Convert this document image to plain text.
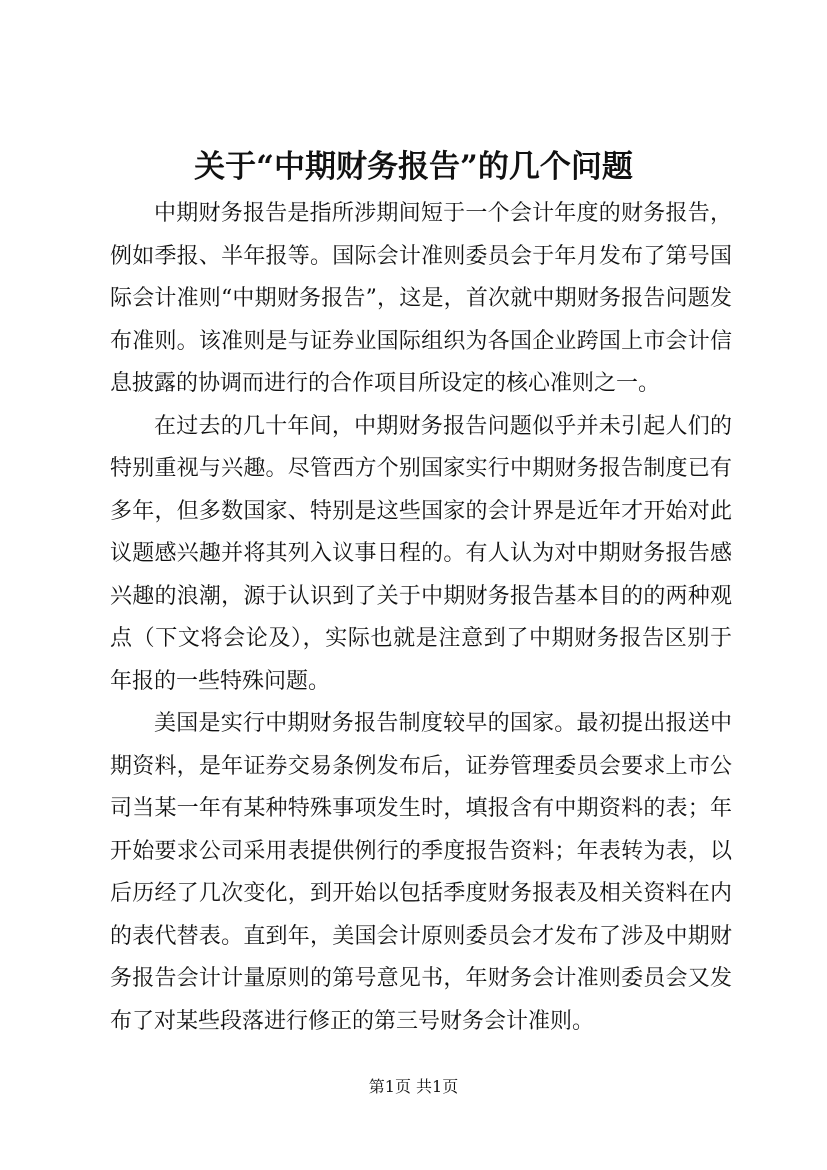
关于“中期财务报告”的几个问题

中期财务报告是指所涉期间短于一个会计年度的财务报告，例如季报、半年报等。国际会计准则委员会于年月发布了第号国际会计准则“中期财务报告”，这是，首次就中期财务报告问题发布准则。该准则是与证券业国际组织为各国企业跨国上市会计信息披露的协调而进行的合作项目所设定的核心准则之一。

在过去的几十年间，中期财务报告问题似乎并未引起人们的特别重视与兴趣。尽管西方个别国家实行中期财务报告制度已有多年，但多数国家、特别是这些国家的会计界是近年才开始对此议题感兴趣并将其列入议事日程的。有人认为对中期财务报告感兴趣的浪潮，源于认识到了关于中期财务报告基本目的的两种观点（下文将会论及），实际也就是注意到了中期财务报告区别于年报的一些特殊问题。

美国是实行中期财务报告制度较早的国家。最初提出报送中期资料，是年证券交易条例发布后，证券管理委员会要求上市公司当某一年有某种特殊事项发生时，填报含有中期资料的表；年开始要求公司采用表提供例行的季度报告资料；年表转为表，以后历经了几次变化，到开始以包括季度财务报表及相关资料在内的表代替表。直到年，美国会计原则委员会才发布了涉及中期财务报告会计计量原则的第号意见书，年财务会计准则委员会又发布了对某些段落进行修正的第三号财务会计准则。

第1页 共1页
